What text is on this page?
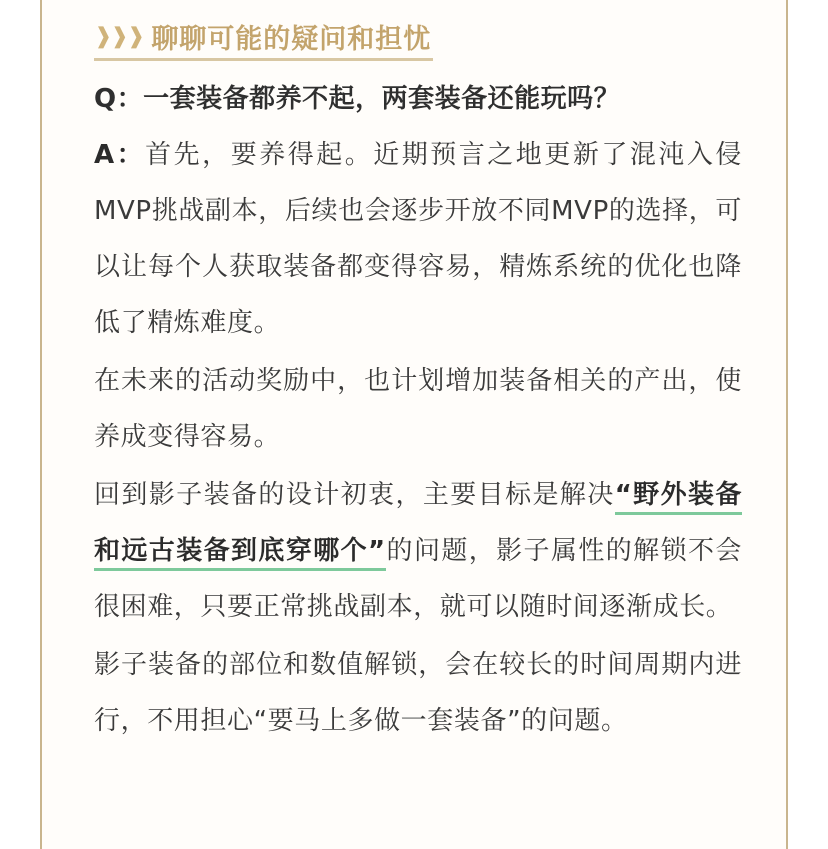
❱❱❱ 聊聊可能的疑问和担忧
Q：一套装备都养不起，两套装备还能玩吗？
A：首先，要养得起。近期预言之地更新了混沌入侵MVP挑战副本，后续也会逐步开放不同MVP的选择，可以让每个人获取装备都变得容易，精炼系统的优化也降低了精炼难度。
在未来的活动奖励中，也计划增加装备相关的产出，使养成变得容易。
回到影子装备的设计初衷，主要目标是解决“野外装备和远古装备到底穿哪个”的问题，影子属性的解锁不会很困难，只要正常挑战副本，就可以随时间逐渐成长。
影子装备的部位和数值解锁，会在较长的时间周期内进行，不用担心“要马上多做一套装备”的问题。
